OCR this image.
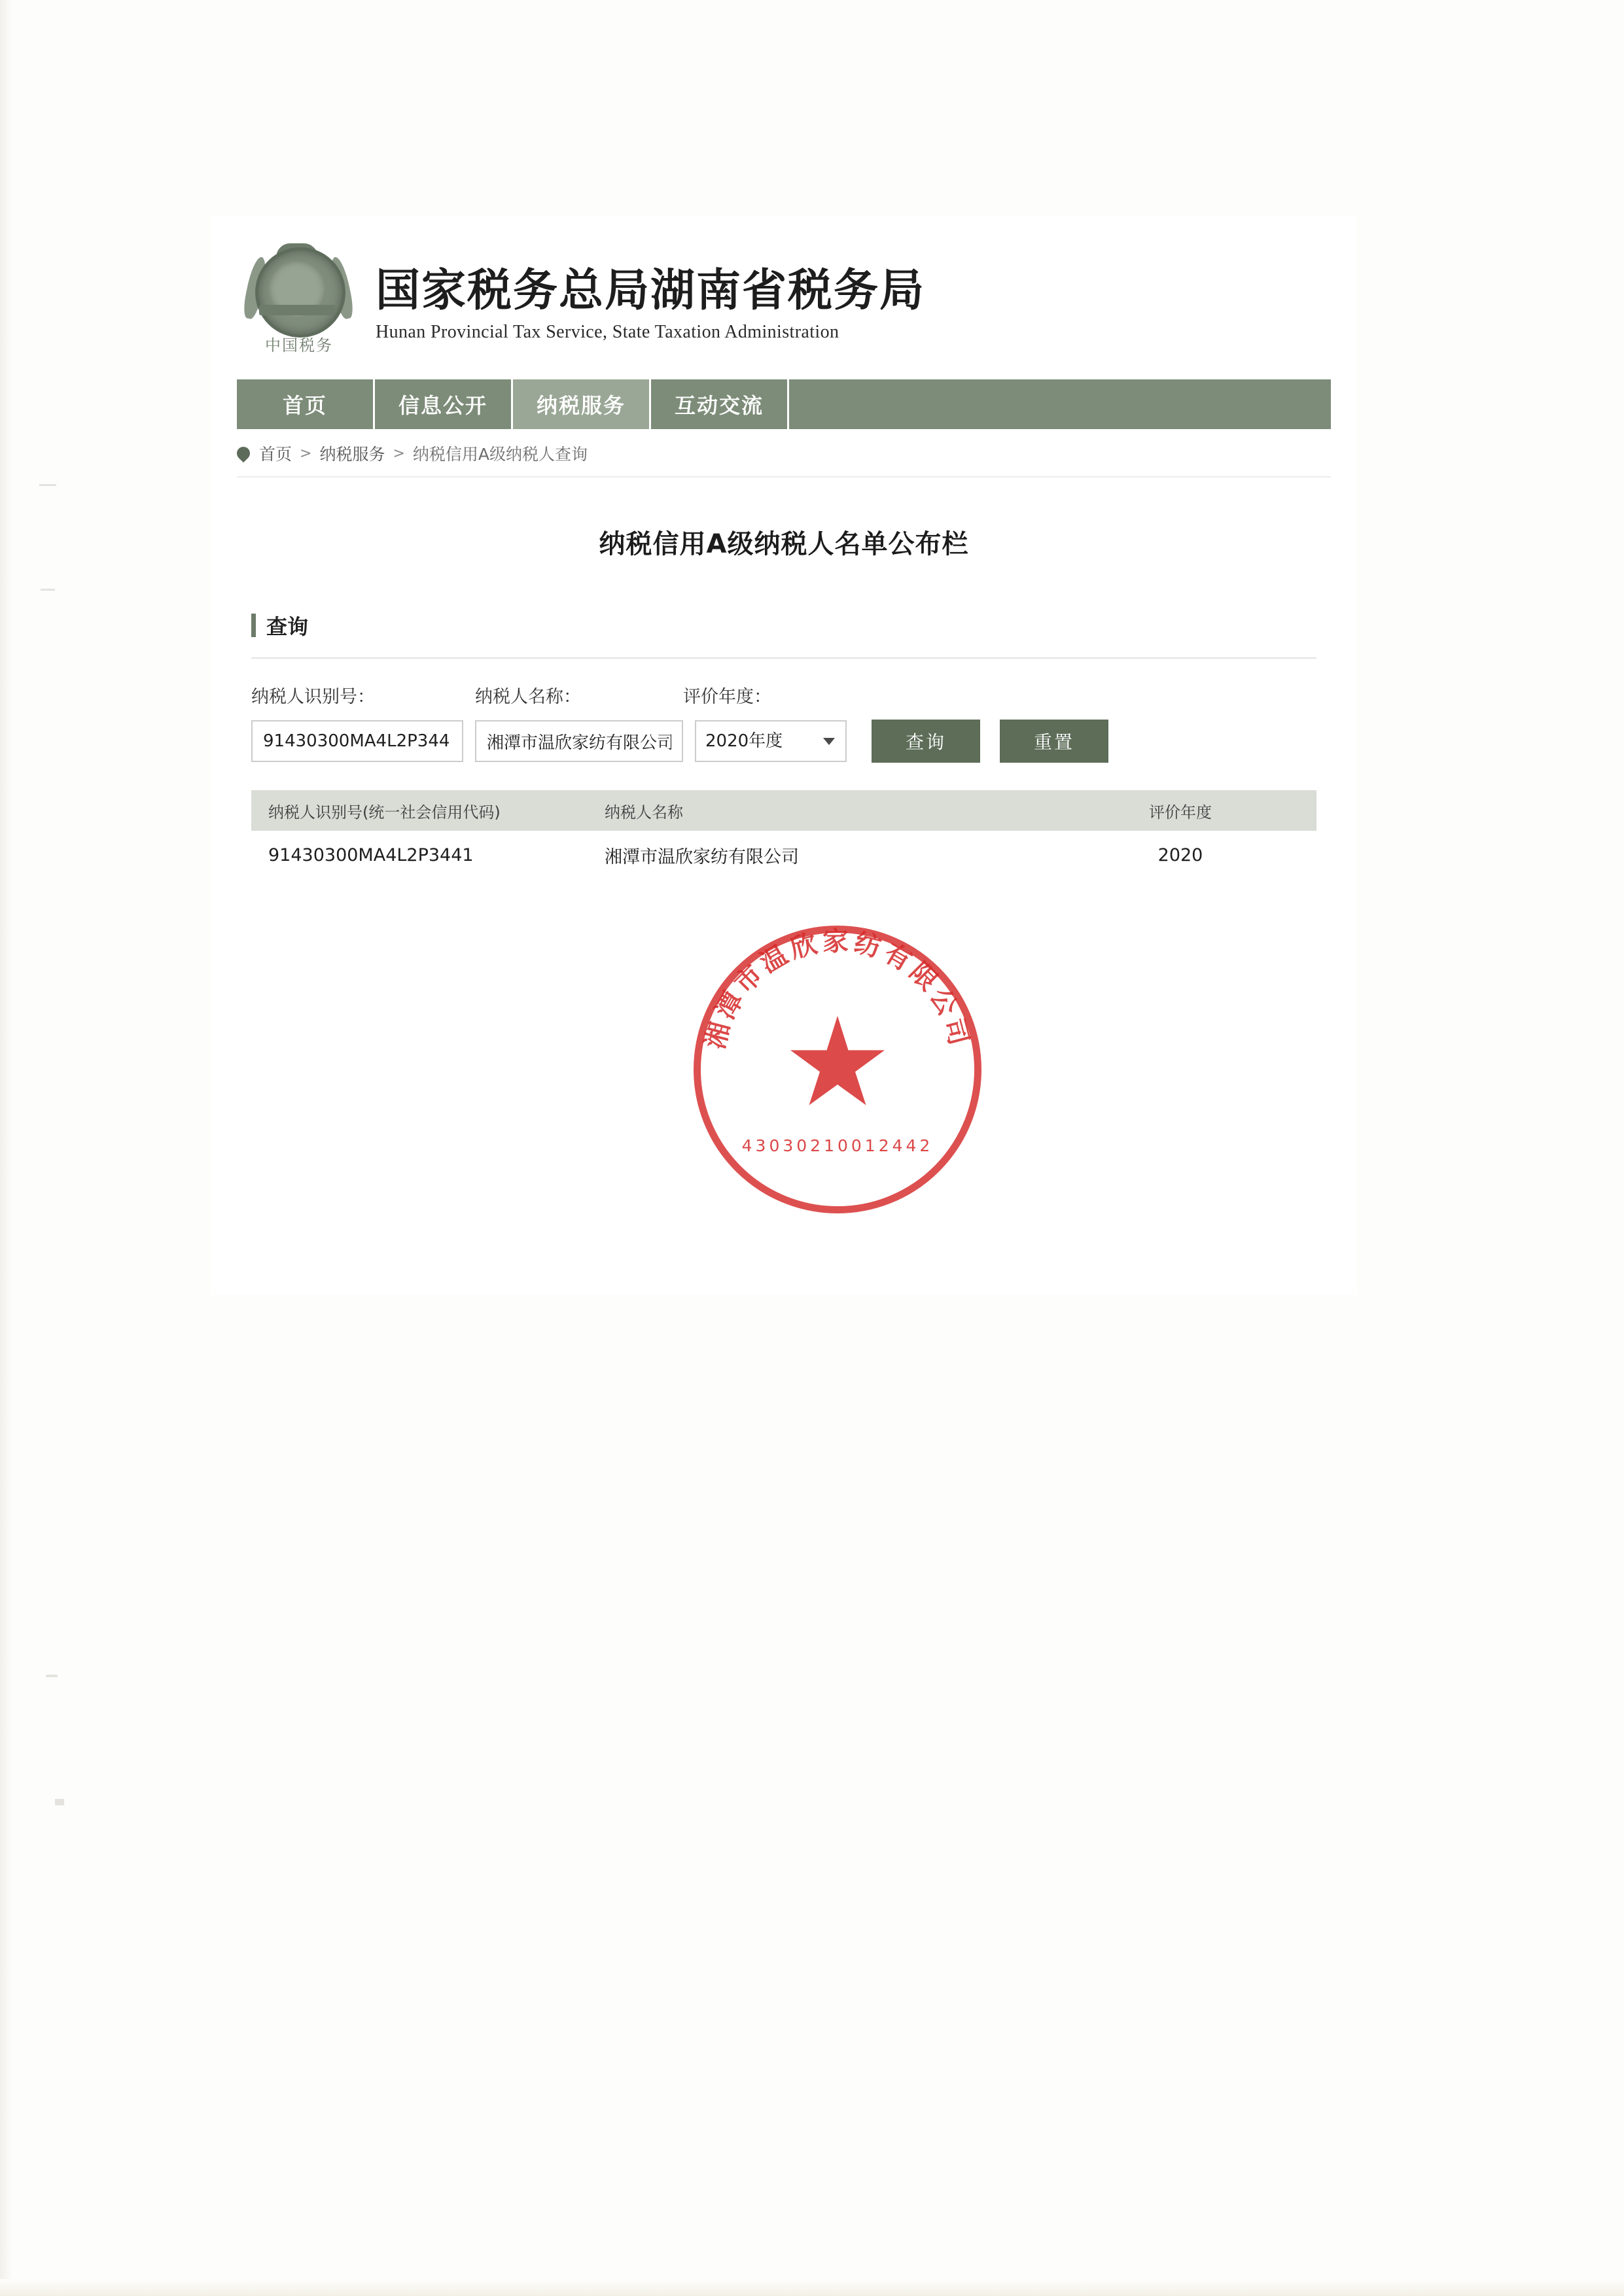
中国税务
国家税务总局湖南省税务局
Hunan Provincial Tax Service, State Taxation Administration
首页	信息公开	纳税服务	互动交流
首页 > 纳税服务 > 纳税信用A级纳税人查询
纳税信用A级纳税人名单公布栏
查询
纳税人识别号：	纳税人名称：	评价年度：
91430300MA4L2P3441
湘潭市温欣家纺有限公司
2020年度
查询	重置
纳税人识别号(统一社会信用代码)	纳税人名称	评价年度
91430300MA4L2P3441	湘潭市温欣家纺有限公司	2020
湘潭市温欣家纺有限公司
43030210012442
